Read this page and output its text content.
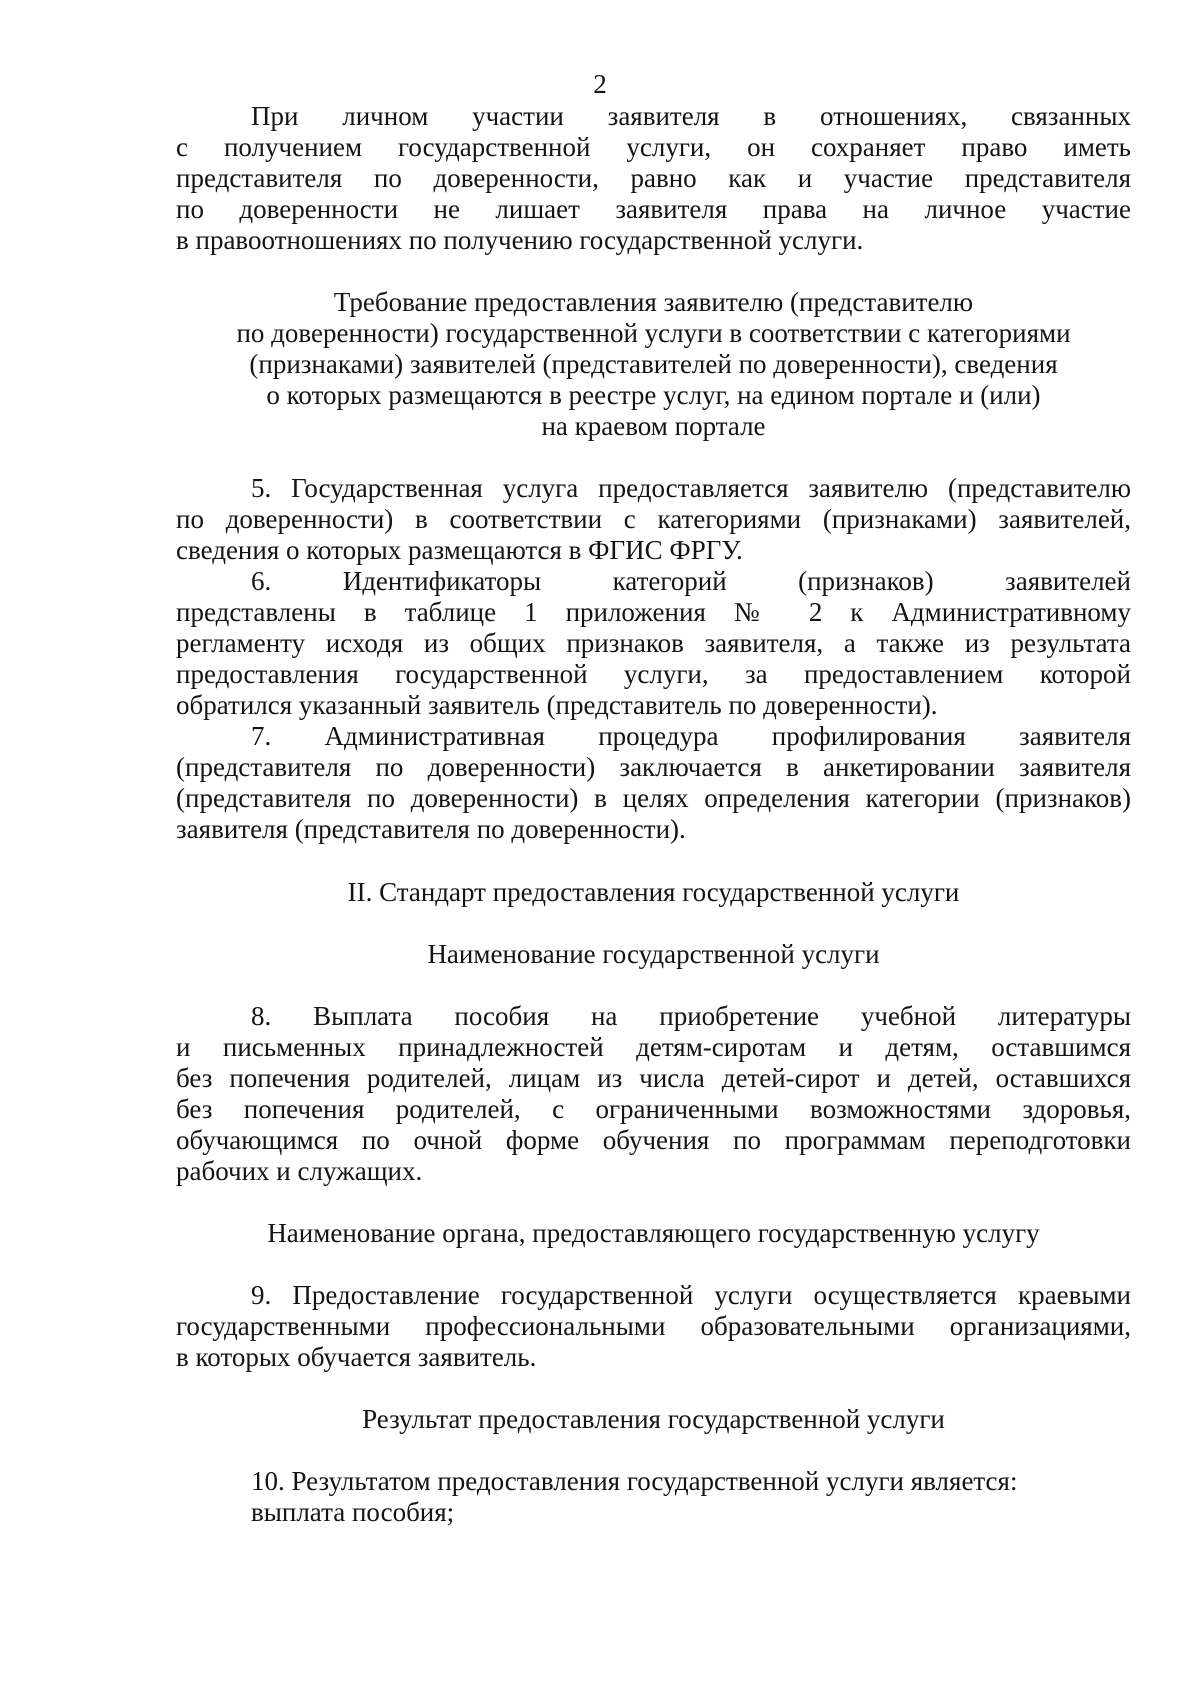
2
При личном участии заявителя в отношениях, связанных
с получением государственной услуги, он сохраняет право иметь
представителя по доверенности, равно как и участие представителя
по доверенности не лишает заявителя права на личное участие
в правоотношениях по получению государственной услуги.
Требование предоставления заявителю (представителю
по доверенности) государственной услуги в соответствии с категориями
(признаками) заявителей (представителей по доверенности), сведения
о которых размещаются в реестре услуг, на едином портале и (или)
на краевом портале
5. Государственная услуга предоставляется заявителю (представителю
по доверенности) в соответствии с категориями (признаками) заявителей,
сведения о которых размещаются в ФГИС ФРГУ.
6. Идентификаторы категорий (признаков) заявителей
представлены в таблице 1 приложения № 2 к Административному
регламенту исходя из общих признаков заявителя, а также из результата
предоставления государственной услуги, за предоставлением которой
обратился указанный заявитель (представитель по доверенности).
7. Административная процедура профилирования заявителя
(представителя по доверенности) заключается в анкетировании заявителя
(представителя по доверенности) в целях определения категории (признаков)
заявителя (представителя по доверенности).
II. Стандарт предоставления государственной услуги
Наименование государственной услуги
8. Выплата пособия на приобретение учебной литературы
и письменных принадлежностей детям-сиротам и детям, оставшимся
без попечения родителей, лицам из числа детей-сирот и детей, оставшихся
без попечения родителей, с ограниченными возможностями здоровья,
обучающимся по очной форме обучения по программам переподготовки
рабочих и служащих.
Наименование органа, предоставляющего государственную услугу
9. Предоставление государственной услуги осуществляется краевыми
государственными профессиональными образовательными организациями,
в которых обучается заявитель.
Результат предоставления государственной услуги
10. Результатом предоставления государственной услуги является:
выплата пособия;
